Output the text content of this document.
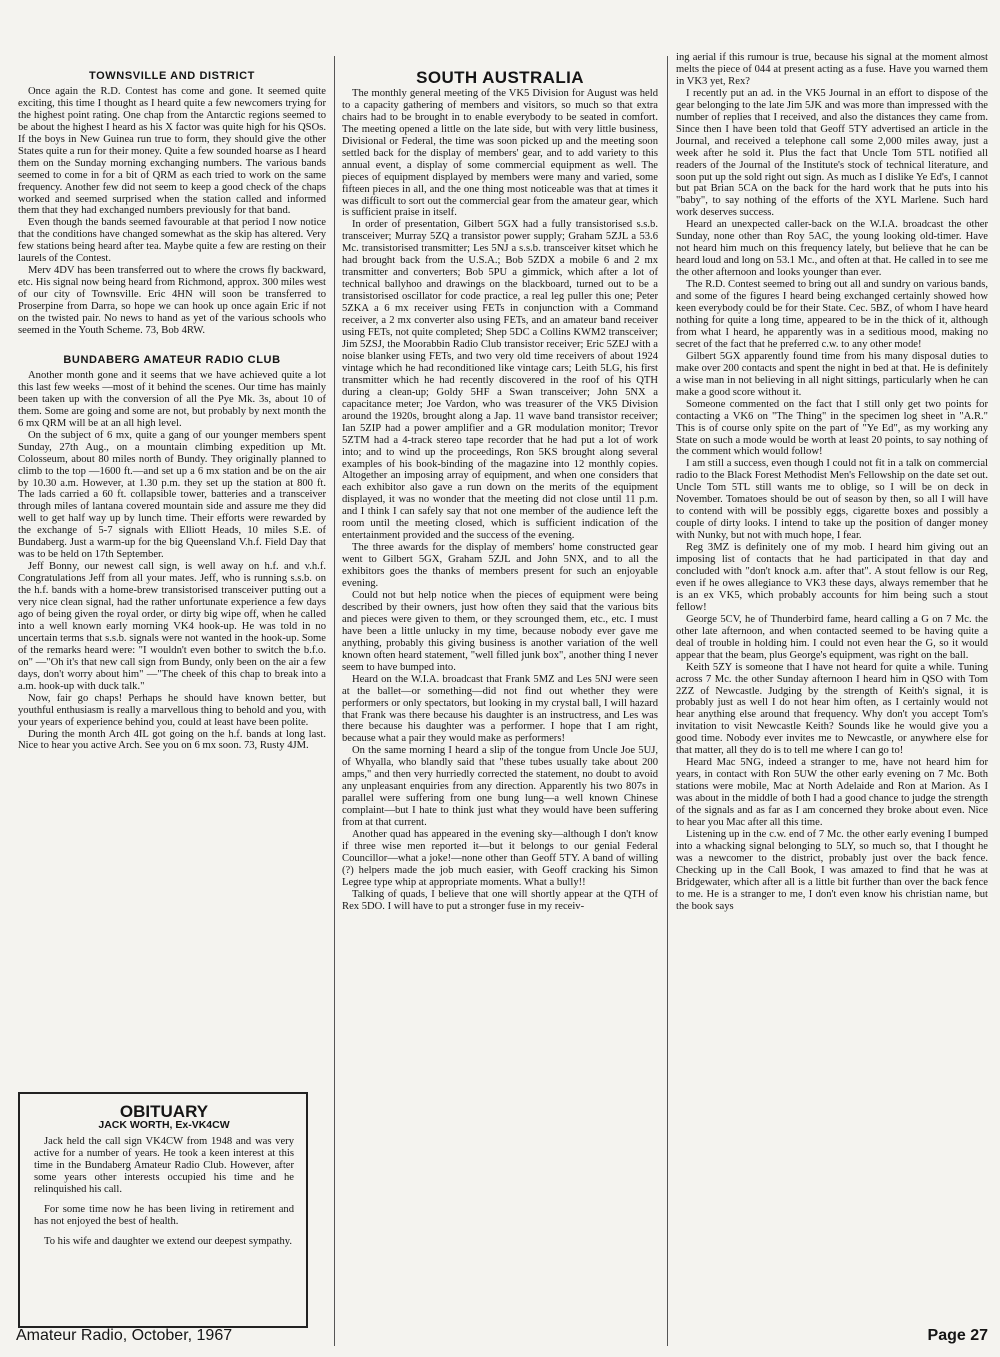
TOWNSVILLE AND DISTRICT

Once again the R.D. Contest has come and gone. It seemed quite exciting, this time I thought as I heard quite a few newcomers trying for the highest point rating. One chap from the Antarctic regions seemed to be about the highest I heard as his X factor was quite high for his QSOs. If the boys in New Guinea run true to form, they should give the other States quite a run for their money. Quite a few sounded hoarse as I heard them on the Sunday morning exchanging numbers. The various bands seemed to come in for a bit of QRM as each tried to work on the same frequency. Another few did not seem to keep a good check of the chaps worked and seemed surprised when the station called and informed them that they had exchanged numbers previously for that band.

Even though the bands seemed favourable at that period I now notice that the conditions have changed somewhat as the skip has altered. Very few stations being heard after tea. Maybe quite a few are resting on their laurels of the Contest.

Merv 4DV has been transferred out to where the crows fly backward, etc. His signal now being heard from Richmond, approx. 300 miles west of our city of Townsville. Eric 4HN will soon be transferred to Proserpine from Darra, so hope we can hook up once again Eric if not on the twisted pair. No news to hand as yet of the various schools who seemed in the Youth Scheme. 73, Bob 4RW.

BUNDABERG AMATEUR RADIO CLUB

Another month gone and it seems that we have achieved quite a lot this last few weeks —most of it behind the scenes. Our time has mainly been taken up with the conversion of all the Pye Mk. 3s, about 10 of them. Some are going and some are not, but probably by next month the 6 mx QRM will be at an all high level.

On the subject of 6 mx, quite a gang of our younger members spent Sunday, 27th Aug., on a mountain climbing expedition up Mt. Colosseum, about 80 miles north of Bundy. They originally planned to climb to the top —1600 ft.—and set up a 6 mx station and be on the air by 10.30 a.m. However, at 1.30 p.m. they set up the station at 800 ft. The lads carried a 60 ft. collapsible tower, batteries and a transceiver through miles of lantana covered mountain side and assure me they did well to get half way up by lunch time. Their efforts were rewarded by the exchange of 5-7 signals with Elliott Heads, 10 miles S.E. of Bundaberg. Just a warm-up for the big Queensland V.h.f. Field Day that was to be held on 17th September.

Jeff Bonny, our newest call sign, is well away on h.f. and v.h.f. Congratulations Jeff from all your mates. Jeff, who is running s.s.b. on the h.f. bands with a home-brew transistorised transceiver putting out a very nice clean signal, had the rather unfortunate experience a few days ago of being given the royal order, or dirty big wipe off, when he called into a well known early morning VK4 hook-up. He was told in no uncertain terms that s.s.b. signals were not wanted in the hook-up. Some of the remarks heard were: "I wouldn't even bother to switch the b.f.o. on" —"Oh it's that new call sign from Bundy, only been on the air a few days, don't worry about him" —"The cheek of this chap to break into a a.m. hook-up with duck talk."

Now, fair go chaps! Perhaps he should have known better, but youthful enthusiasm is really a marvellous thing to behold and you, with your years of experience behind you, could at least have been polite.

During the month Arch 4IL got going on the h.f. bands at long last. Nice to hear you active Arch. See you on 6 mx soon. 73, Rusty 4JM.

OBITUARY
JACK WORTH, Ex-VK4CW

Jack held the call sign VK4CW from 1948 and was very active for a number of years. He took a keen interest at this time in the Bundaberg Amateur Radio Club. However, after some years other interests occupied his time and he relinquished his call.

For some time now he has been living in retirement and has not enjoyed the best of health.

To his wife and daughter we extend our deepest sympathy.

SOUTH AUSTRALIA

The monthly general meeting of the VK5 Division for August was held to a capacity gathering of members and visitors, so much so that extra chairs had to be brought in to enable everybody to be seated in comfort. The meeting opened a little on the late side, but with very little business, Divisional or Federal, the time was soon picked up and the meeting soon settled back for the display of members' gear, and to add variety to this annual event, a display of some commercial equipment as well. The pieces of equipment displayed by members were many and varied, some fifteen pieces in all, and the one thing most noticeable was that at times it was difficult to sort out the commercial gear from the amateur gear, which is sufficient praise in itself.

In order of presentation, Gilbert 5GX had a fully transistorised s.s.b. transceiver; Murray 5ZQ a transistor power supply; Graham 5ZJL a 53.6 Mc. transistorised transmitter; Les 5NJ a s.s.b. transceiver kitset which he had brought back from the U.S.A.; Bob 5ZDX a mobile 6 and 2 mx transmitter and converters; Bob 5PU a gimmick, which after a lot of technical ballyhoo and drawings on the blackboard, turned out to be a transistorised oscillator for code practice, a real leg puller this one; Peter 5ZKA a 6 mx receiver using FETs in conjunction with a Command receiver, a 2 mx converter also using FETs, and an amateur band receiver using FETs, not quite completed; Shep 5DC a Collins KWM2 transceiver; Jim 5ZSJ, the Moorabbin Radio Club transistor receiver; Eric 5ZEJ with a noise blanker using FETs, and two very old time receivers of about 1924 vintage which he had reconditioned like vintage cars; Leith 5LG, his first transmitter which he had recently discovered in the roof of his QTH during a clean-up; Goldy 5HF a Swan transceiver; John 5NX a capacitance meter; Joe Vardon, who was treasurer of the VK5 Division around the 1920s, brought along a Jap. 11 wave band transistor receiver; Ian 5ZIP had a power amplifier and a GR modulation monitor; Trevor 5ZTM had a 4-track stereo tape recorder that he had put a lot of work into; and to wind up the proceedings, Ron 5KS brought along several examples of his book-binding of the magazine into 12 monthly copies. Altogether an imposing array of equipment, and when one considers that each exhibitor also gave a run down on the merits of the equipment displayed, it was no wonder that the meeting did not close until 11 p.m. and I think I can safely say that not one member of the audience left the room until the meeting closed, which is sufficient indication of the entertainment provided and the success of the evening.

The three awards for the display of members' home constructed gear went to Gilbert 5GX, Graham 5ZJL and John 5NX, and to all the exhibitors goes the thanks of members present for such an enjoyable evening.

Could not but help notice when the pieces of equipment were being described by their owners, just how often they said that the various bits and pieces were given to them, or they scrounged them, etc., etc. I must have been a little unlucky in my time, because nobody ever gave me anything, probably this giving business is another variation of the well known often heard statement, "well filled junk box", another thing I never seem to have bumped into.

Heard on the W.I.A. broadcast that Frank 5MZ and Les 5NJ were seen at the ballet—or something—did not find out whether they were performers or only spectators, but looking in my crystal ball, I will hazard that Frank was there because his daughter is an instructress, and Les was there because his daughter was a performer. I hope that I am right, because what a pair they would make as performers!

On the same morning I heard a slip of the tongue from Uncle Joe 5UJ, of Whyalla, who blandly said that "these tubes usually take about 200 amps," and then very hurriedly corrected the statement, no doubt to avoid any unpleasant enquiries from any direction. Apparently his two 807s in parallel were suffering from one bung lung—a well known Chinese complaint—but I hate to think just what they would have been suffering from at that current.

Another quad has appeared in the evening sky—although I don't know if three wise men reported it—but it belongs to our genial Federal Councillor—what a joke!—none other than Geoff 5TY. A band of willing (?) helpers made the job much easier, with Geoff cracking his Simon Legree type whip at appropriate moments. What a bully!!

Talking of quads, I believe that one will shortly appear at the QTH of Rex 5DO. I will have to put a stronger fuse in my receiv-

ing aerial if this rumour is true, because his signal at the moment almost melts the piece of 044 at present acting as a fuse. Have you warned them in VK3 yet, Rex?

I recently put an ad. in the VK5 Journal in an effort to dispose of the gear belonging to the late Jim 5JK and was more than impressed with the number of replies that I received, and also the distances they came from. Since then I have been told that Geoff 5TY advertised an article in the Journal, and received a telephone call some 2,000 miles away, just a week after he sold it. Plus the fact that Uncle Tom 5TL notified all readers of the Journal of the Institute's stock of technical literature, and soon put up the sold right out sign. As much as I dislike Ye Ed's, I cannot but pat Brian 5CA on the back for the hard work that he puts into his "baby", to say nothing of the efforts of the XYL Marlene. Such hard work deserves success.

Heard an unexpected caller-back on the W.I.A. broadcast the other Sunday, none other than Roy 5AC, the young looking old-timer. Have not heard him much on this frequency lately, but believe that he can be heard loud and long on 53.1 Mc., and often at that. He called in to see me the other afternoon and looks younger than ever.

The R.D. Contest seemed to bring out all and sundry on various bands, and some of the figures I heard being exchanged certainly showed how keen everybody could be for their State. Cec. 5BZ, of whom I have heard nothing for quite a long time, appeared to be in the thick of it, although from what I heard, he apparently was in a seditious mood, making no secret of the fact that he preferred c.w. to any other mode!

Gilbert 5GX apparently found time from his many disposal duties to make over 200 contacts and spent the night in bed at that. He is definitely a wise man in not believing in all night sittings, particularly when he can make a good score without it.

Someone commented on the fact that I still only get two points for contacting a VK6 on "The Thing" in the specimen log sheet in "A.R." This is of course only spite on the part of "Ye Ed", as my working any State on such a mode would be worth at least 20 points, to say nothing of the comment which would follow!

I am still a success, even though I could not fit in a talk on commercial radio to the Black Forest Methodist Men's Fellowship on the date set out. Uncle Tom 5TL still wants me to oblige, so I will be on deck in November. Tomatoes should be out of season by then, so all I will have to contend with will be possibly eggs, cigarette boxes and possibly a couple of dirty looks. I intend to take up the position of danger money with Nunky, but not with much hope, I fear.

Reg 3MZ is definitely one of my mob. I heard him giving out an imposing list of contacts that he had participated in that day and concluded with "don't knock a.m. after that". A stout fellow is our Reg, even if he owes allegiance to VK3 these days, always remember that he is an ex VK5, which probably accounts for him being such a stout fellow!

George 5CV, he of Thunderbird fame, heard calling a G on 7 Mc. the other late afternoon, and when contacted seemed to be having quite a deal of trouble in holding him. I could not even hear the G, so it would appear that the beam, plus George's equipment, was right on the ball.

Keith 5ZY is someone that I have not heard for quite a while. Tuning across 7 Mc. the other Sunday afternoon I heard him in QSO with Tom 2ZZ of Newcastle. Judging by the strength of Keith's signal, it is probably just as well I do not hear him often, as I certainly would not hear anything else around that frequency. Why don't you accept Tom's invitation to visit Newcastle Keith? Sounds like he would give you a good time. Nobody ever invites me to Newcastle, or anywhere else for that matter, all they do is to tell me where I can go to!

Heard Mac 5NG, indeed a stranger to me, have not heard him for years, in contact with Ron 5UW the other early evening on 7 Mc. Both stations were mobile, Mac at North Adelaide and Ron at Marion. As I was about in the middle of both I had a good chance to judge the strength of the signals and as far as I am concerned they broke about even. Nice to hear you Mac after all this time.

Listening up in the c.w. end of 7 Mc. the other early evening I bumped into a whacking signal belonging to 5LY, so much so, that I thought he was a newcomer to the district, probably just over the back fence. Checking up in the Call Book, I was amazed to find that he was at Bridgewater, which after all is a little bit further than over the back fence to me. He is a stranger to me, I don't even know his christian name, but the book says

Amateur Radio, October, 1967	Page 27
